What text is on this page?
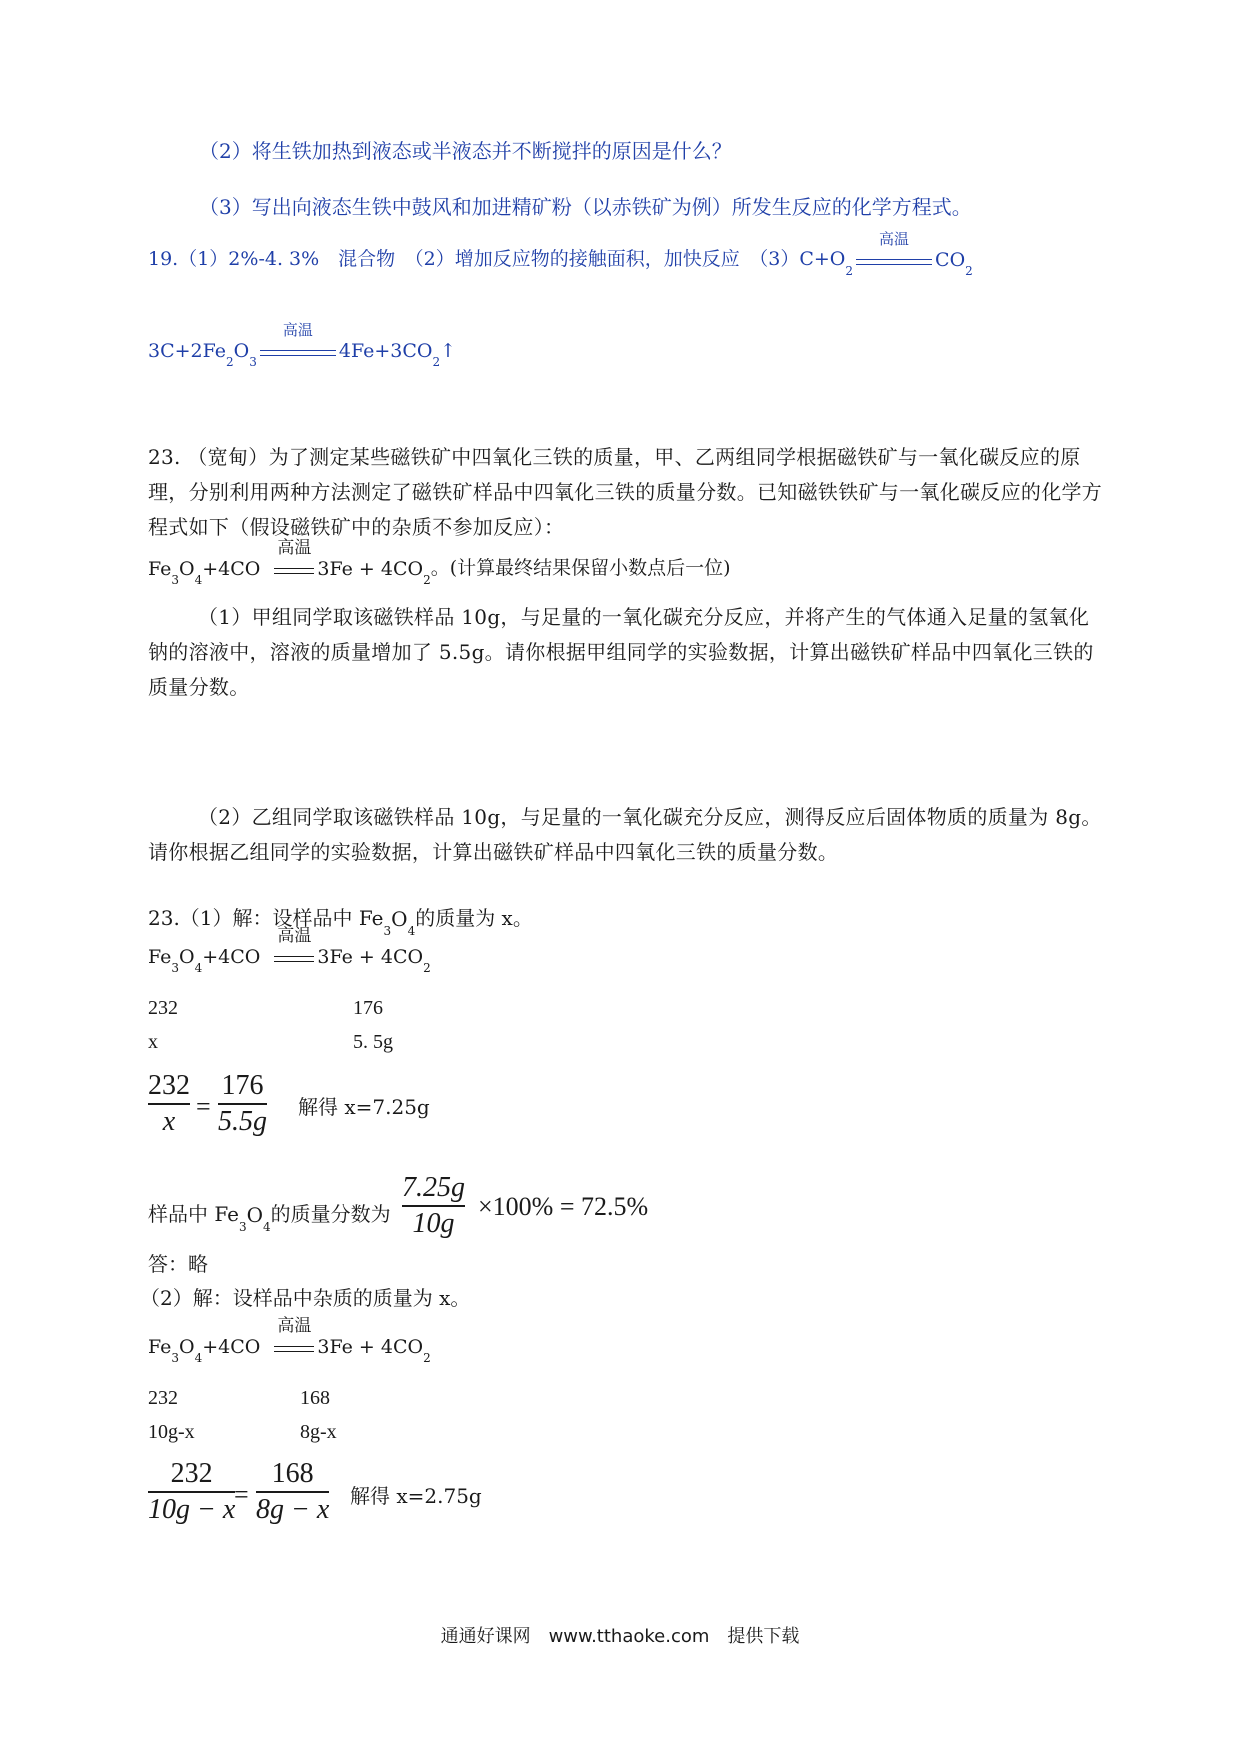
（2）将生铁加热到液态或半液态并不断搅拌的原因是什么？
（3）写出向液态生铁中鼓风和加进精矿粉（以赤铁矿为例）所发生反应的化学方程式。
19.（1）2%-4. 3%　混合物　（2）增加反应物的接触面积，加快反应　（3）C+O
2
高温
CO 2
3C+2Fe 2 O 3
高温
4Fe+3CO 2 ↑
23. （宽甸）为了测定某些磁铁矿中四氧化三铁的质量，甲、乙两组同学根据磁铁矿与一氧化碳反应的原理，分别利用两种方法测定了磁铁矿样品中四氧化三铁的质量分数。已知磁铁铁矿与一氧化碳反应的化学方程式如下（假设磁铁矿中的杂质不参加反应）：
Fe 3 O 4 +4CO
高温
3Fe + 4CO 2
。(计算最终结果保留小数点后一位)
（1）甲组同学取该磁铁样品 10g，与足量的一氧化碳充分反应，并将产生的气体通入足量的氢氧化钠的溶液中，溶液的质量增加了 5.5g。请你根据甲组同学的实验数据，计算出磁铁矿样品中四氧化三铁的质量分数。
（2）乙组同学取该磁铁样品 10g，与足量的一氧化碳充分反应，测得反应后固体物质的质量为 8g。请你根据乙组同学的实验数据，计算出磁铁矿样品中四氧化三铁的质量分数。
23.（1）解：设样品中 Fe
3 O 4
的质量为 x。
Fe 3 O 4 +4CO
高温
3Fe + 4CO 2
232	176
x	5. 5g
232
x =
176
5.5g 解得 x=7.25g
样品中 Fe
3 O 4
的质量分数为
7.25g
10g
×100% = 72.5%
答：略
（2）解：设样品中杂质的质量为 x。
Fe 3 O 4 +4CO
高温
3Fe + 4CO 2
232	168
10g-x	8g-x
232
10g − x
=
168
8g − x 解得 x=2.75g
通通好课网　www.tthaoke.com　提供下载
